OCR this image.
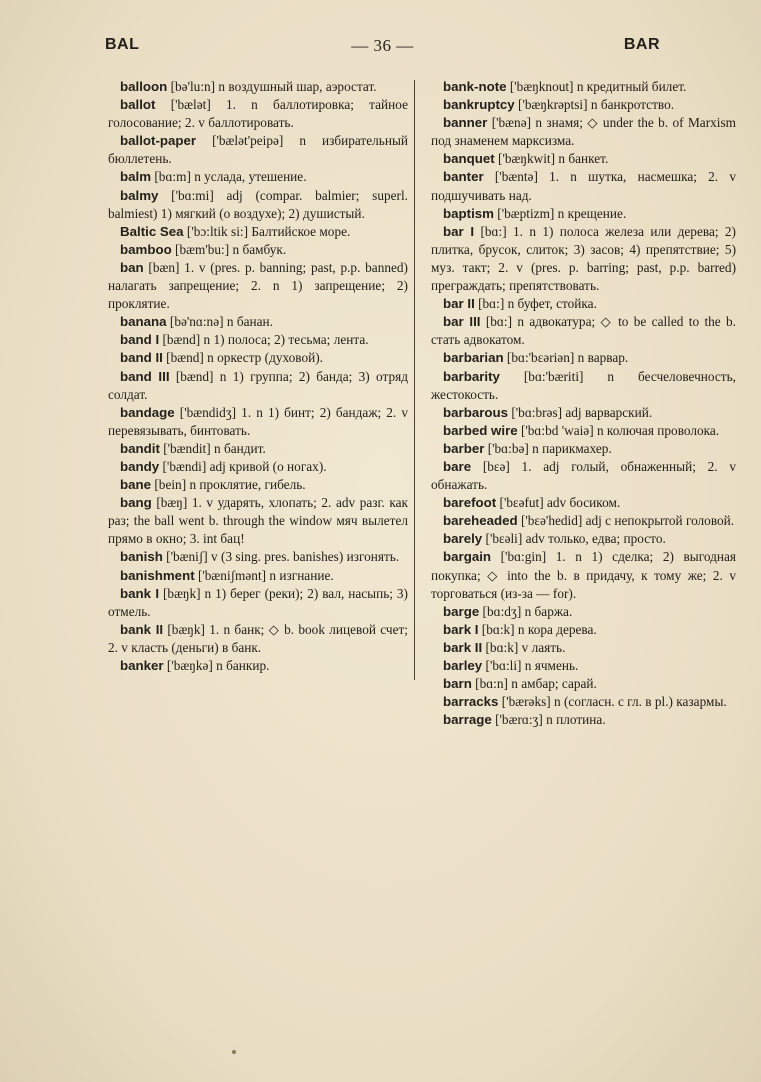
BAL	— 36 —	BAR

balloon [bə'lu:n] n воздушный шар, аэростат.

ballot ['bælət] 1. n баллотировка; тайное голосование; 2. v баллотировать.

ballot-paper ['bælət'peipə] n избирательный бюллетень.

balm [bɑ:m] n услада, утешение.

balmy ['bɑ:mi] adj (compar. balmier; superl. balmiest) 1) мягкий (о воздухе); 2) душистый.

Baltic Sea ['bɔ:ltik si:] Балтийское море.

bamboo [bæm'bu:] n бамбук.

ban [bæn] 1. v (pres. p. banning; past, p.p. banned) налагать запрещение; 2. n 1) запрещение; 2) проклятие.

banana [bə'nɑ:nə] n банан.

band I [bænd] n 1) полоса; 2) тесьма; лента.

band II [bænd] n оркестр (духовой).

band III [bænd] n 1) группа; 2) банда; 3) отряд солдат.

bandage ['bændidʒ] 1. n 1) бинт; 2) бандаж; 2. v перевязывать, бинтовать.

bandit ['bændit] n бандит.

bandy ['bændi] adj кривой (о ногах).

bane [bein] n проклятие, гибель.

bang [bæŋ] 1. v ударять, хлопать; 2. adv разг. как раз; the ball went b. through the window мяч вылетел прямо в окно; 3. int бац!

banish ['bæniʃ] v (3 sing. pres. banishes) изгонять.

banishment ['bæniʃmənt] n изгнание.

bank I [bæŋk] n 1) берег (реки); 2) вал, насыпь; 3) отмель.

bank II [bæŋk] 1. n банк; ◇ b. book лицевой счет; 2. v класть (деньги) в банк.

banker ['bæŋkə] n банкир.

bank-note ['bæŋknout] n кредитный билет.

bankruptcy ['bæŋkrəptsi] n банкротство.

banner ['bænə] n знамя; ◇ under the b. of Marxism под знаменем марксизма.

banquet ['bæŋkwit] n банкет.

banter ['bæntə] 1. n шутка, насмешка; 2. v подшучивать над.

baptism ['bæptizm] n крещение.

bar I [bɑ:] 1. n 1) полоса железа или дерева; 2) плитка, брусок, слиток; 3) засов; 4) препятствие; 5) муз. такт; 2. v (pres. p. barring; past, p.p. barred) преграждать; препятствовать.

bar II [bɑ:] n буфет, стойка.

bar III [bɑ:] n адвокатура; ◇ to be called to the b. стать адвокатом.

barbarian [bɑ:'bɛəriən] n варвар.

barbarity [bɑ:'bæriti] n бесчеловечность, жестокость.

barbarous ['bɑ:brəs] adj варварский.

barbed wire ['bɑ:bd 'waiə] n колючая проволока.

barber ['bɑ:bə] n парикмахер.

bare [bɛə] 1. adj голый, обнаженный; 2. v обнажать.

barefoot ['bɛəfut] adv босиком.

bareheaded ['bɛə'hedid] adj с непокрытой головой.

barely ['bɛəli] adv только, едва; просто.

bargain ['bɑ:gin] 1. n 1) сделка; 2) выгодная покупка; ◇ into the b. в придачу, к тому же; 2. v торговаться (из-за — for).

barge [bɑ:dʒ] n баржа.

bark I [bɑ:k] n кора дерева.

bark II [bɑ:k] v лаять.

barley ['bɑ:li] n ячмень.

barn [bɑ:n] n амбар; сарай.

barracks ['bærəks] n (согласн. с гл. в pl.) казармы.

barrage ['bærɑ:ʒ] n плотина.
